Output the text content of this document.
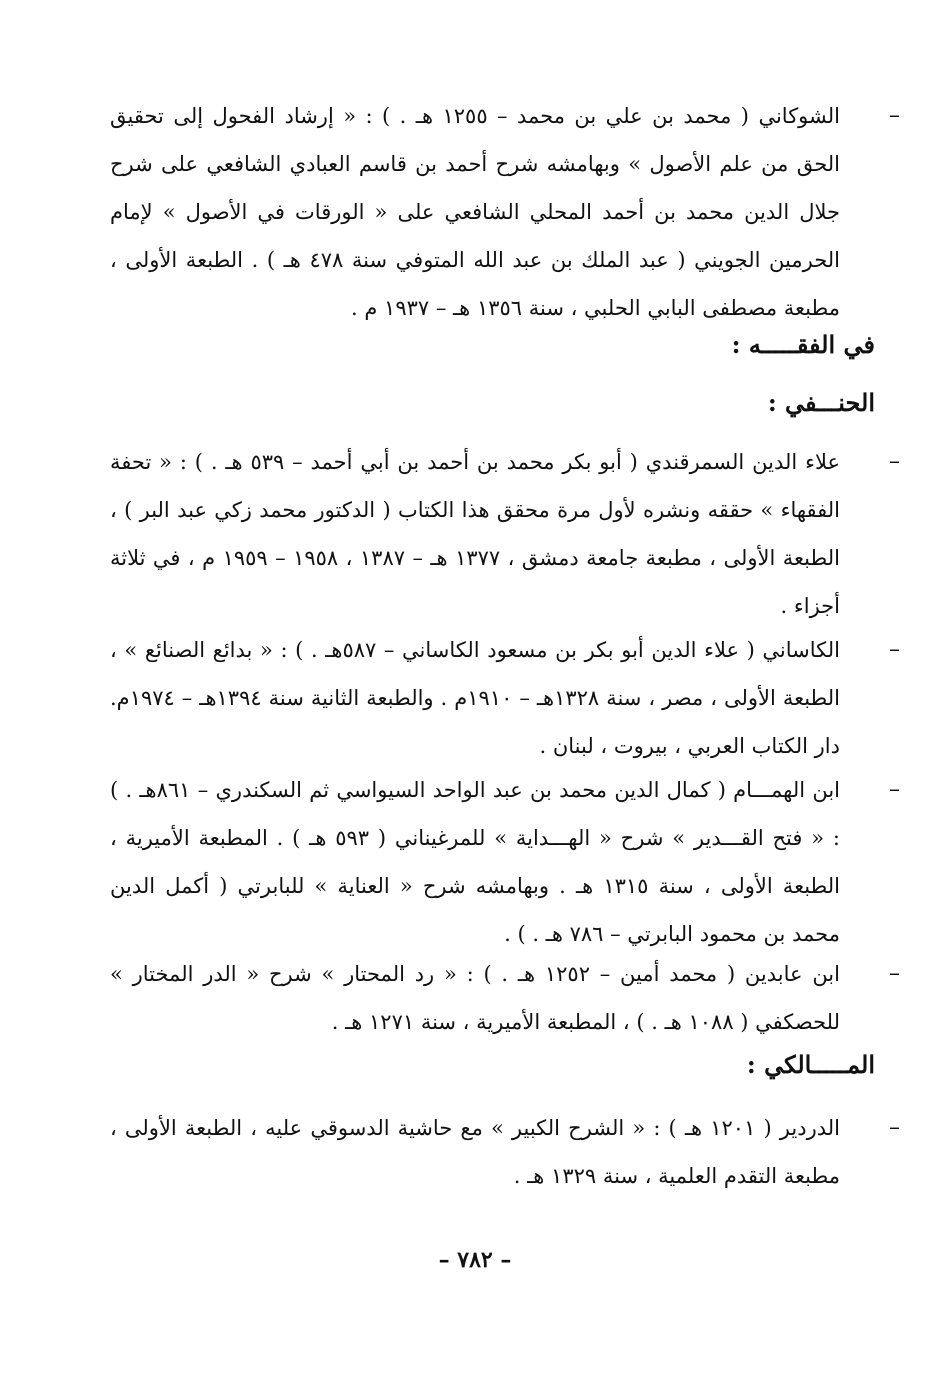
–
الشوكاني ( محمد بن علي بن محمد – ١٢٥٥ هـ . ) : « إرشاد الفحول إلى تحقيق الحق من علم الأصول » وبهامشه شرح أحمد بن قاسم العبادي الشافعي على شرح جلال الدين محمد بن أحمد المحلي الشافعي على « الورقات في الأصول » لإمام الحرمين الجويني ( عبد الملك بن عبد الله المتوفي سنة ٤٧٨ هـ ) . الطبعة الأولى ، مطبعة مصطفى البابي الحلبي ، سنة ١٣٥٦ هـ – ١٩٣٧ م .
في الفقـــــه :
الحنـــفي :
–
علاء الدين السمرقندي ( أبو بكر محمد بن أحمد بن أبي أحمد – ٥٣٩ هـ . ) : « تحفة الفقهاء » حققه ونشره لأول مرة محقق هذا الكتاب ( الدكتور محمد زكي عبد البر ) ، الطبعة الأولى ، مطبعة جامعة دمشق ، ١٣٧٧ هـ – ١٣٨٧ ، ١٩٥٨ – ١٩٥٩ م ، في ثلاثة أجزاء .
–
الكاساني ( علاء الدين أبو بكر بن مسعود الكاساني – ٥٨٧هـ . ) : « بدائع الصنائع » ، الطبعة الأولى ، مصر ، سنة ١٣٢٨هـ – ١٩١٠م . والطبعة الثانية سنة ١٣٩٤هـ – ١٩٧٤م. دار الكتاب العربي ، بيروت ، لبنان .
–
ابن الهمـــام ( كمال الدين محمد بن عبد الواحد السيواسي ثم السكندري – ٨٦١هـ . ) : « فتح القـــدير » شرح « الهـــداية » للمرغيناني ( ٥٩٣ هـ ) . المطبعة الأميرية ، الطبعة الأولى ، سنة ١٣١٥ هـ . وبهامشه شرح « العناية » للبابرتي ( أكمل الدين محمد بن محمود البابرتي – ٧٨٦ هـ . ) .
–
ابن عابدين ( محمد أمين – ١٢٥٢ هـ . ) : « رد المحتار » شرح « الدر المختار » للحصكفي ( ١٠٨٨ هـ . ) ، المطبعة الأميرية ، سنة ١٢٧١ هـ .
المـــــالكي :
–
الدردير ( ١٢٠١ هـ ) : « الشرح الكبير » مع حاشية الدسوقي عليه ، الطبعة الأولى ، مطبعة التقدم العلمية ، سنة ١٣٢٩ هـ .
– ٧٨٢ –
